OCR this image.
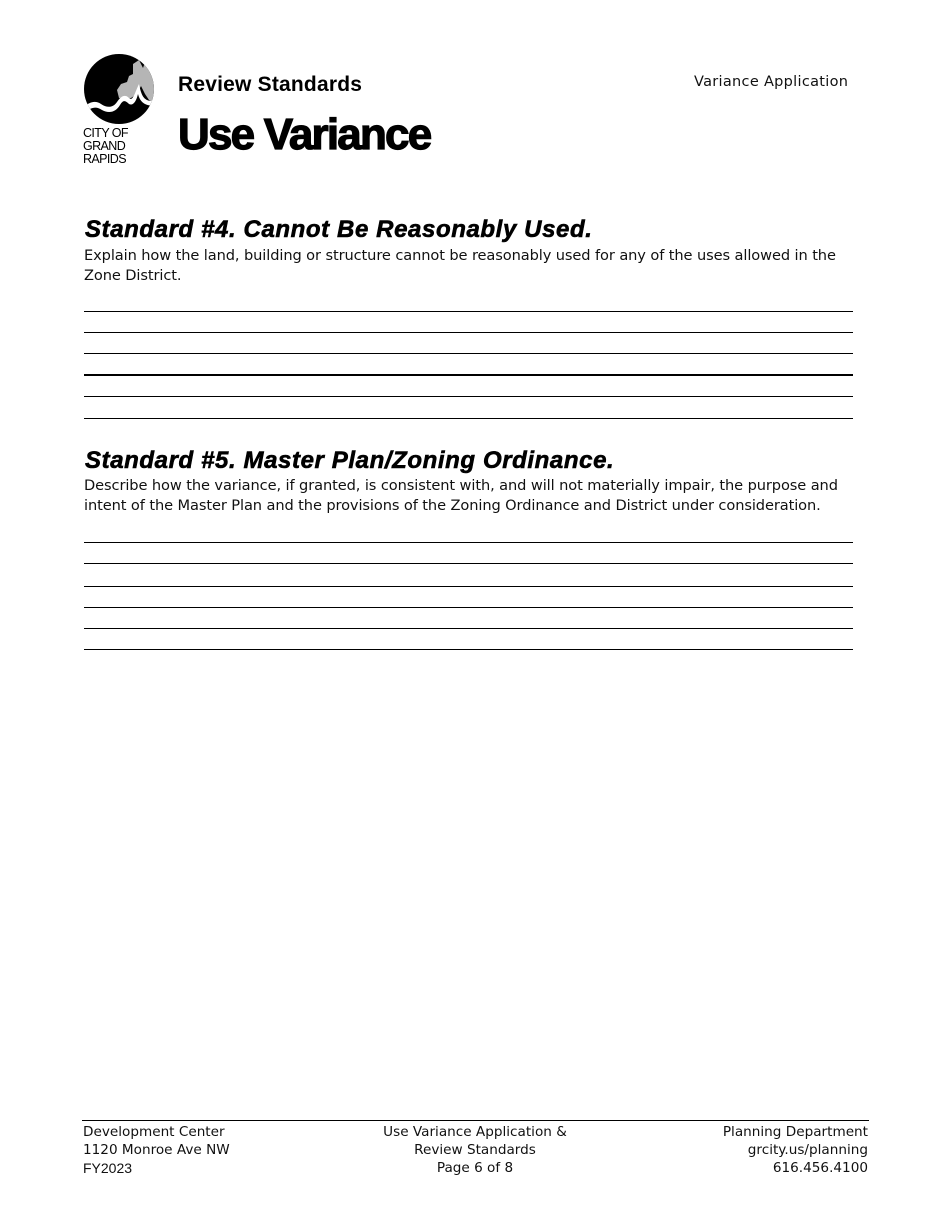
CITY OF
GRAND
RAPIDS
Review Standards
Use Variance
Variance Application
Standard #4. Cannot Be Reasonably Used.
Explain how the land, building or structure cannot be reasonably used for any of the uses allowed in the Zone District.
Standard #5. Master Plan/Zoning Ordinance.
Describe how the variance, if granted, is consistent with, and will not materially impair, the purpose and intent of the Master Plan and the provisions of the Zoning Ordinance and District under consideration.
Development Center
1120 Monroe Ave NW
FY2023
Use Variance Application &
Review Standards
Page 6 of 8
Planning Department
grcity.us/planning
616.456.4100
